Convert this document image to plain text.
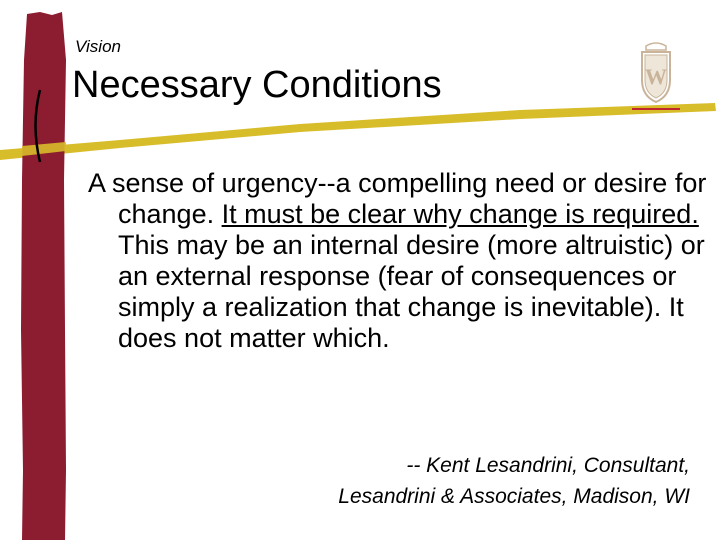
Vision
Necessary Conditions	W
A sense of urgency--a compelling need or desire for change. It must be clear why change is required. This may be an internal desire (more altruistic) or an external response (fear of consequences or simply a realization that change is inevitable). It does not matter which.
-- Kent Lesandrini, Consultant,
Lesandrini & Associates, Madison, WI
